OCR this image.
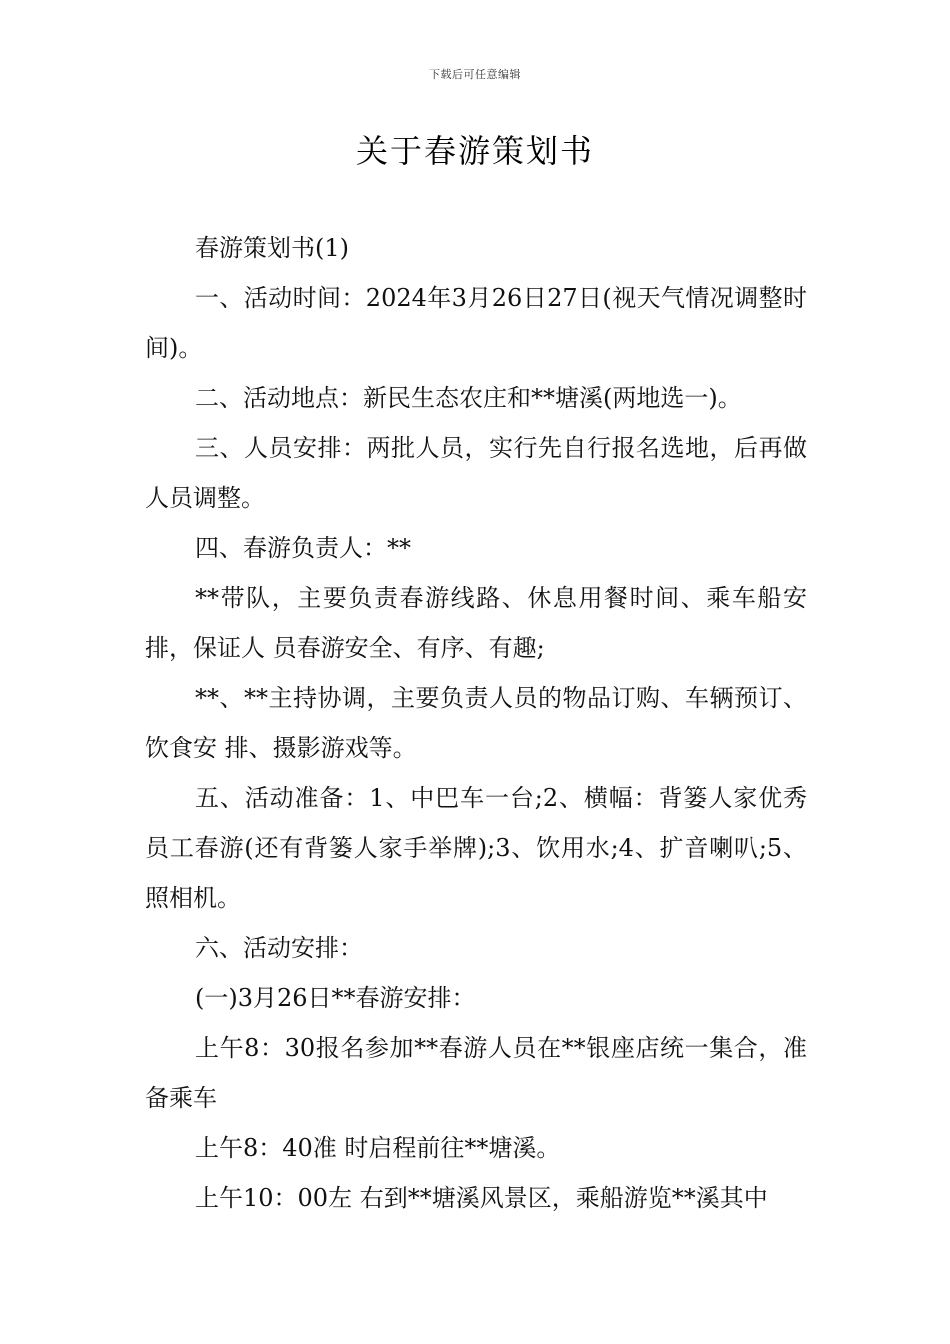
下载后可任意编辑
关于春游策划书

春游策划书(1)

一、活动时间：2024年3月26日27日(视天气情况调整时间)。

二、活动地点：新民生态农庄和**塘溪(两地选一)。

三、人员安排：两批人员，实行先自行报名选地，后再做人员调整。

四、春游负责人：**

**带队，主要负责春游线路、休息用餐时间、乘车船安排，保证人 员春游安全、有序、有趣;

**、**主持协调，主要负责人员的物品订购、车辆预订、饮食安 排、摄影游戏等。

五、活动准备：1、中巴车一台;2、横幅：背篓人家优秀员工春游(还有背篓人家手举牌);3、饮用水;4、扩音喇叭;5、照相机。

六、活动安排：

(一)3月26日**春游安排：

上午8：30报名参加**春游人员在**银座店统一集合，准备乘车

上午8：40准 时启程前往**塘溪。

上午10：00左 右到**塘溪风景区，乘船游览**溪其中
